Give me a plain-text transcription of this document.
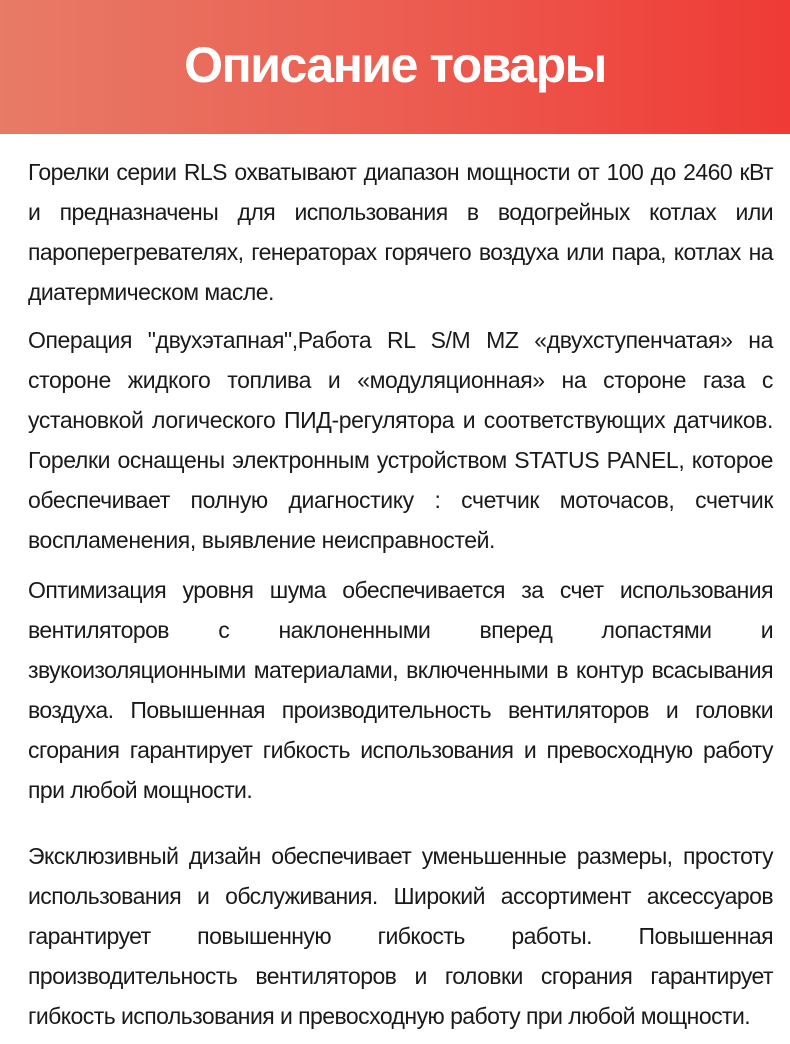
Описание товары

Горелки серии RLS охватывают диапазон мощности от 100 до 2460 кВт и предназначены для использования в водогрейных котлах или пароперегревателях, генераторах горячего воздуха или пара, котлах на диатермическом масле.

Операция "двухэтапная",Работа RL S/M MZ «двухступенчатая» на стороне жидкого топлива и «модуляционная» на стороне газа с установкой логического ПИД-регулятора и соответствующих датчиков. Горелки оснащены электронным устройством STATUS PANEL, которое обеспечивает полную диагностику : счетчик моточасов, счетчик воспламенения, выявление неисправностей.

Оптимизация уровня шума обеспечивается за счет использования вентиляторов с наклоненными вперед лопастями и звукоизоляционными материалами, включенными в контур всасывания воздуха. Повышенная производительность вентиляторов и головки сгорания гарантирует гибкость использования и превосходную работу при любой мощности.

Эксклюзивный дизайн обеспечивает уменьшенные размеры, простоту использования и обслуживания. Широкий ассортимент аксессуаров гарантирует повышенную гибкость работы. Повышенная производительность вентиляторов и головки сгорания гарантирует гибкость использования и превосходную работу при любой мощности.
